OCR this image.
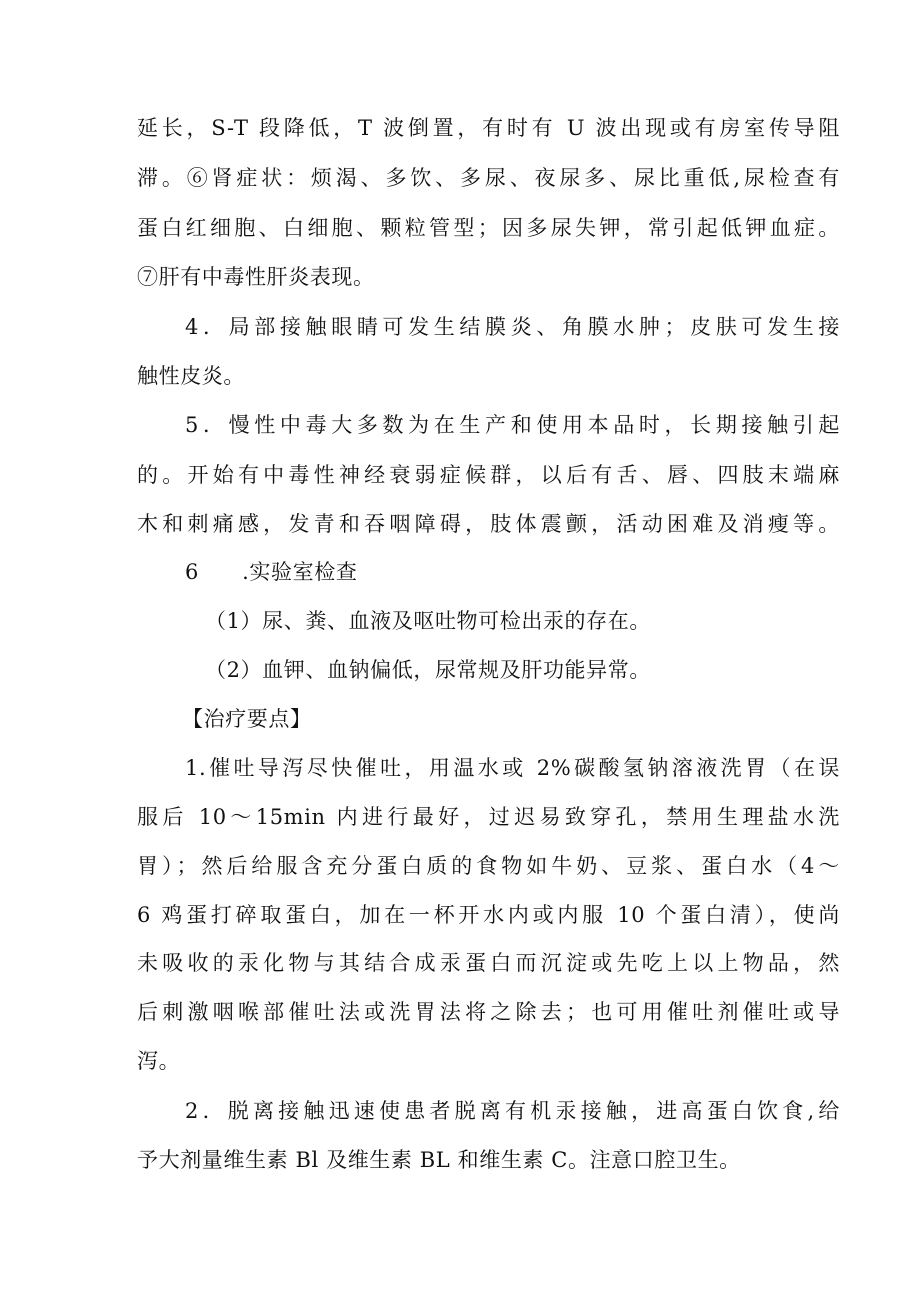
延长，S-T 段降低，T 波倒置，有时有 U 波出现或有房室传导阻
滞。⑥肾症状：烦渴、多饮、多尿、夜尿多、尿比重低,尿检查有
蛋白红细胞、白细胞、颗粒管型；因多尿失钾，常引起低钾血症。
⑦肝有中毒性肝炎表现。
4．局部接触眼睛可发生结膜炎、角膜水肿；皮肤可发生接
触性皮炎。
5．慢性中毒大多数为在生产和使用本品时，长期接触引起
的。开始有中毒性神经衰弱症候群，以后有舌、唇、四肢末端麻
木和刺痛感，发青和吞咽障碍，肢体震颤，活动困难及消瘦等。
6　　.实验室检查
（1）尿、粪、血液及呕吐物可检出汞的存在。
（2）血钾、血钠偏低，尿常规及肝功能异常。
【治疗要点】
1.催吐导泻尽快催吐，用温水或 2%碳酸氢钠溶液洗胃（在误
服后 10～15min 内进行最好，过迟易致穿孔，禁用生理盐水洗
胃）；然后给服含充分蛋白质的食物如牛奶、豆浆、蛋白水（4～
6 鸡蛋打碎取蛋白，加在一杯开水内或内服 10 个蛋白清），使尚
未吸收的汞化物与其结合成汞蛋白而沉淀或先吃上以上物品，然
后刺激咽喉部催吐法或洗胃法将之除去；也可用催吐剂催吐或导
泻。
2．脱离接触迅速使患者脱离有机汞接触，进高蛋白饮食,给
予大剂量维生素 Bl 及维生素 BL 和维生素 C。注意口腔卫生。
